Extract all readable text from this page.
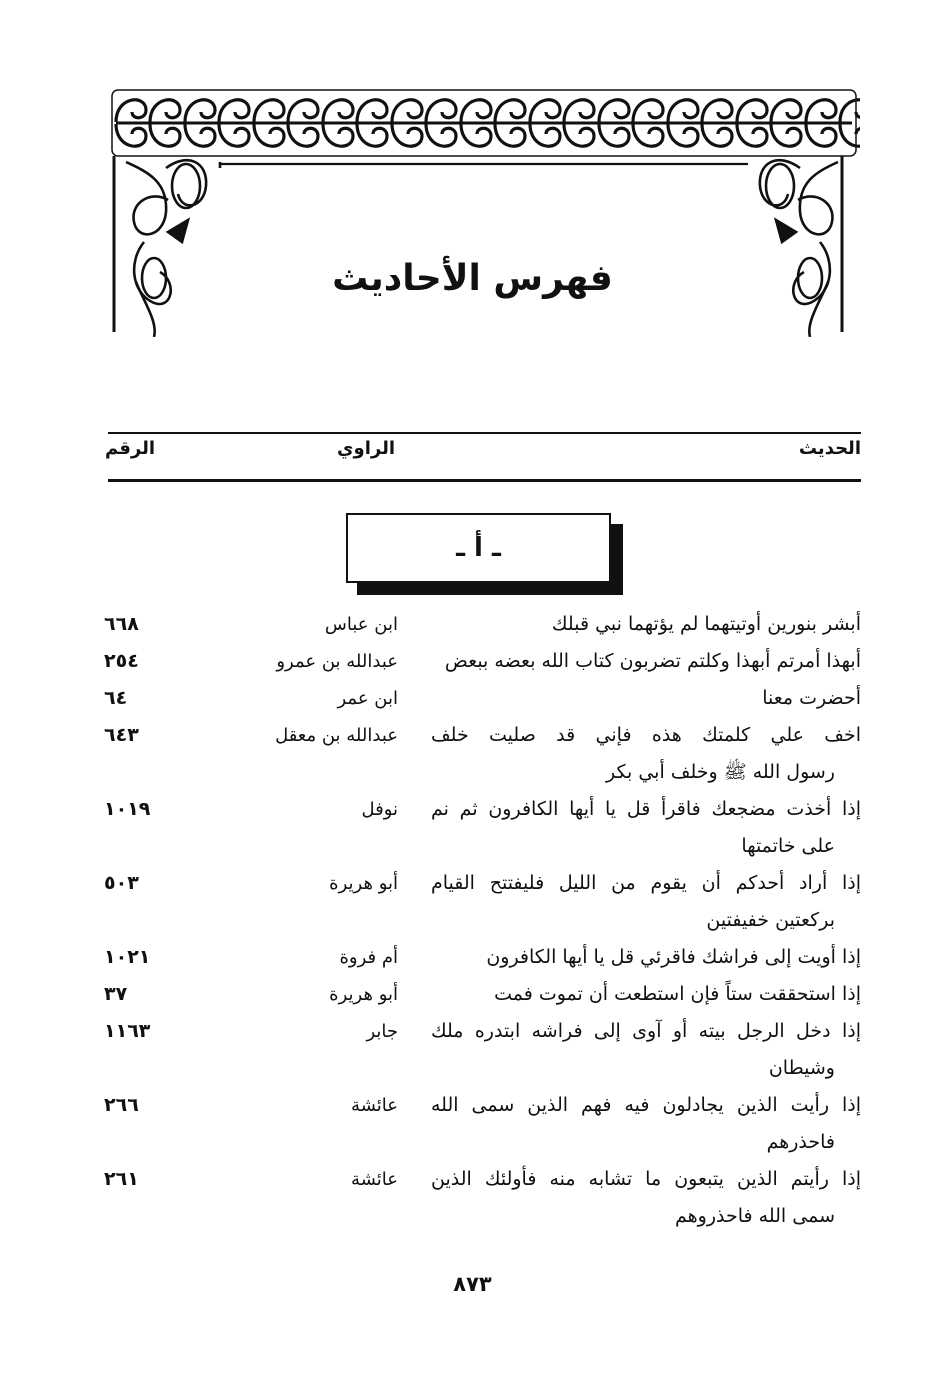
فهرس الأحاديث
الحديث
الراوي
الرقم
ـ أ ـ
أبشر بنورين أوتيتهما لم يؤتهما نبي قبلك
ابن عباس
٦٦٨
أبهذا أمرتم أبهذا وكلتم تضربون كتاب الله بعضه ببعض
عبدالله بن عمرو
٢٥٤
أحضرت معنا
ابن عمر
٦٤
اخف علي كلمتك هذه فإني قد صليت خلف
رسول الله ﷺ وخلف أبي بكر
عبدالله بن معقل
٦٤٣
إذا أخذت مضجعك فاقرأ قل يا أيها الكافرون ثم نم
على خاتمتها
نوفل
١٠١٩
إذا أراد أحدكم أن يقوم من الليل فليفتتح القيام
بركعتين خفيفتين
أبو هريرة
٥٠٣
إذا أويت إلى فراشك فاقرئي قل يا أيها الكافرون
أم فروة
١٠٢١
إذا استحققت ستاً فإن استطعت أن تموت فمت
أبو هريرة
٣٧
إذا دخل الرجل بيته أو آوى إلى فراشه ابتدره ملك
وشيطان
جابر
١١٦٣
إذا رأيت الذين يجادلون فيه فهم الذين سمى الله
فاحذرهم
عائشة
٢٦٦
إذا رأيتم الذين يتبعون ما تشابه منه فأولئك الذين
سمى الله فاحذروهم
عائشة
٢٦١
٨٧٣
